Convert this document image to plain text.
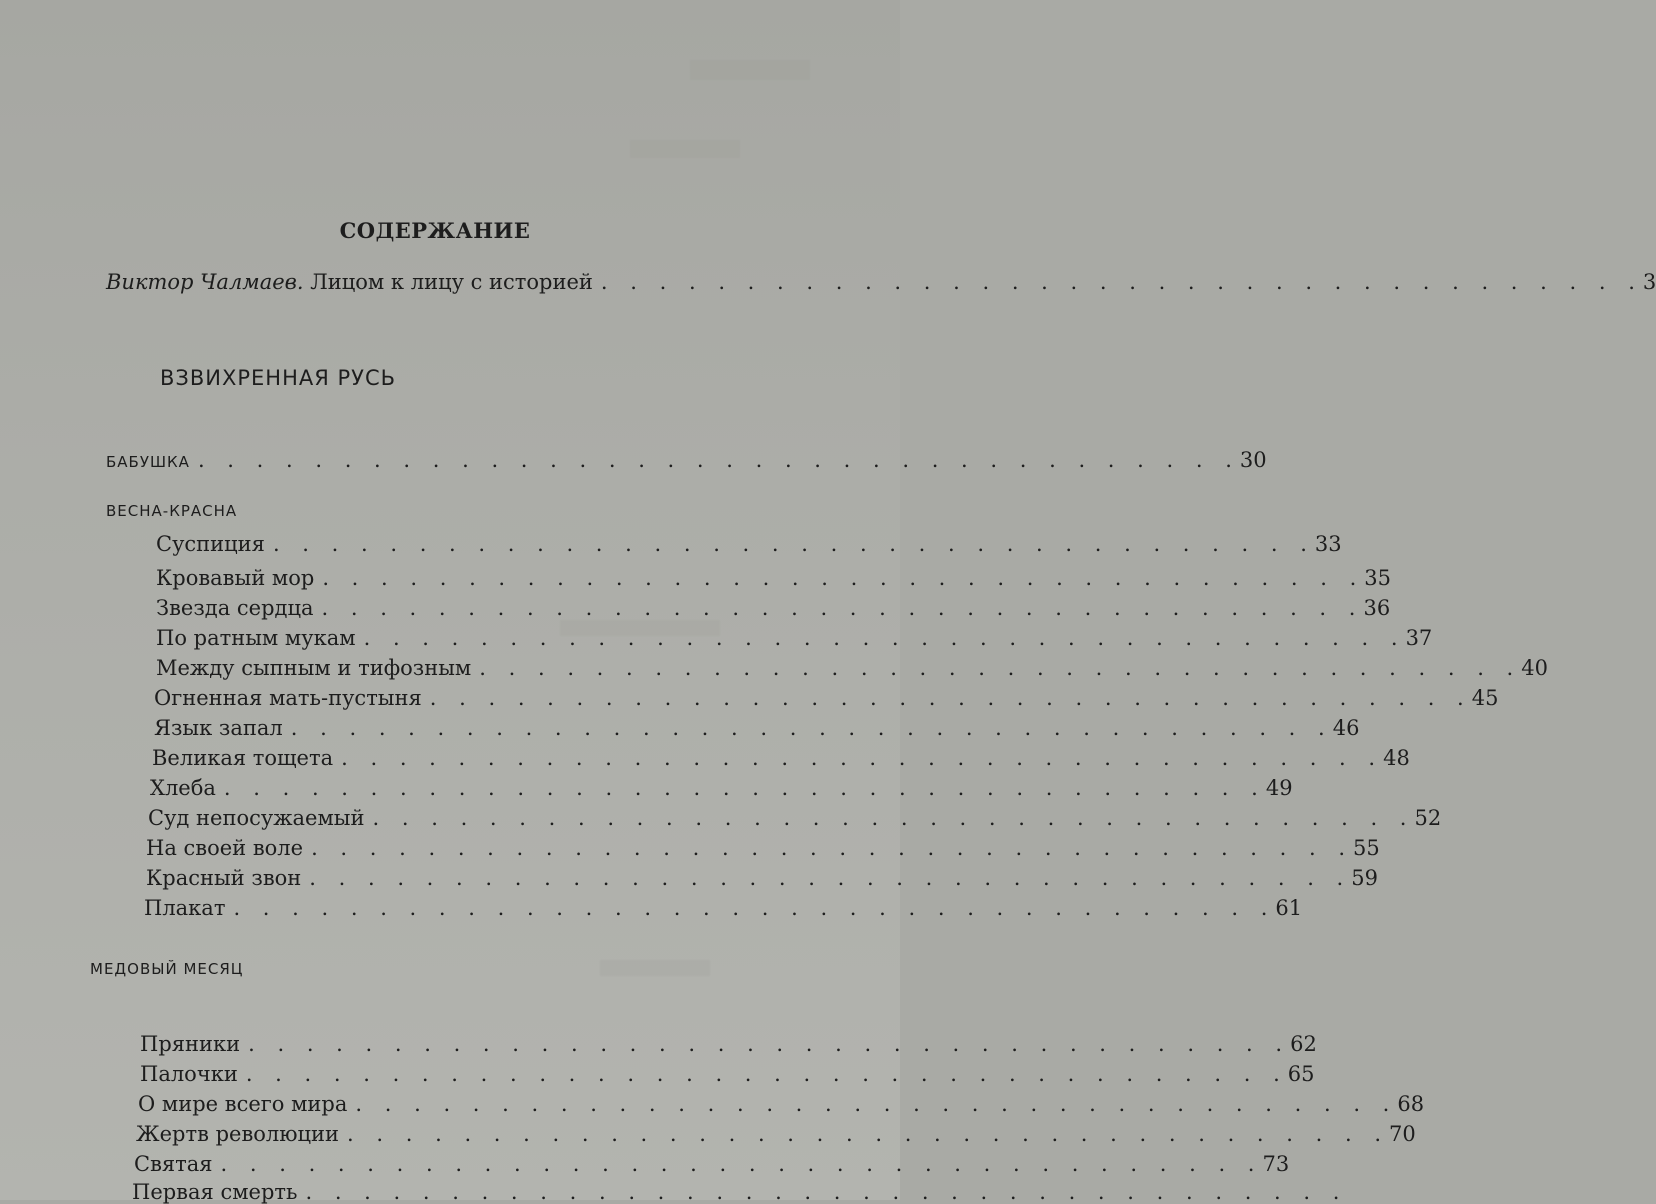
СОДЕРЖАНИЕ
Виктор Чалмаев.
Лицом к лицу с историей . . . . . . . . . . . . . . . . . . . . . . . . . . . . . . . . . . . . 3
ВЗВИХРЕННАЯ РУСЬ
БАБУШКА . . . . . . . . . . . . . . . . . . . . . . . . . . . . . . . . . . . . 30
ВЕСНА-КРАСНА
Суспиция . . . . . . . . . . . . . . . . . . . . . . . . . . . . . . . . . . . . 33
Кровавый мор . . . . . . . . . . . . . . . . . . . . . . . . . . . . . . . . . . . . 35
Звезда сердца . . . . . . . . . . . . . . . . . . . . . . . . . . . . . . . . . . . . 36
По ратным мукам . . . . . . . . . . . . . . . . . . . . . . . . . . . . . . . . . . . . 37
Между сыпным и тифозным . . . . . . . . . . . . . . . . . . . . . . . . . . . . . . . . . . . . 40
Огненная мать-пустыня . . . . . . . . . . . . . . . . . . . . . . . . . . . . . . . . . . . . 45
Язык запал . . . . . . . . . . . . . . . . . . . . . . . . . . . . . . . . . . . . 46
Великая тощета . . . . . . . . . . . . . . . . . . . . . . . . . . . . . . . . . . . . 48
Хлеба . . . . . . . . . . . . . . . . . . . . . . . . . . . . . . . . . . . . 49
Суд непосужаемый . . . . . . . . . . . . . . . . . . . . . . . . . . . . . . . . . . . . 52
На своей воле . . . . . . . . . . . . . . . . . . . . . . . . . . . . . . . . . . . . 55
Красный звон . . . . . . . . . . . . . . . . . . . . . . . . . . . . . . . . . . . . 59
Плакат . . . . . . . . . . . . . . . . . . . . . . . . . . . . . . . . . . . . 61
МЕДОВЫЙ МЕСЯЦ
Пряники . . . . . . . . . . . . . . . . . . . . . . . . . . . . . . . . . . . . 62
Палочки . . . . . . . . . . . . . . . . . . . . . . . . . . . . . . . . . . . . 65
О мире всего мира . . . . . . . . . . . . . . . . . . . . . . . . . . . . . . . . . . . . 68
Жертв революции . . . . . . . . . . . . . . . . . . . . . . . . . . . . . . . . . . . . 70
Святая . . . . . . . . . . . . . . . . . . . . . . . . . . . . . . . . . . . . 73
Первая смерть . . . . . . . . . . . . . . . . . . . . . . . . . . . . . . . . . . . .
